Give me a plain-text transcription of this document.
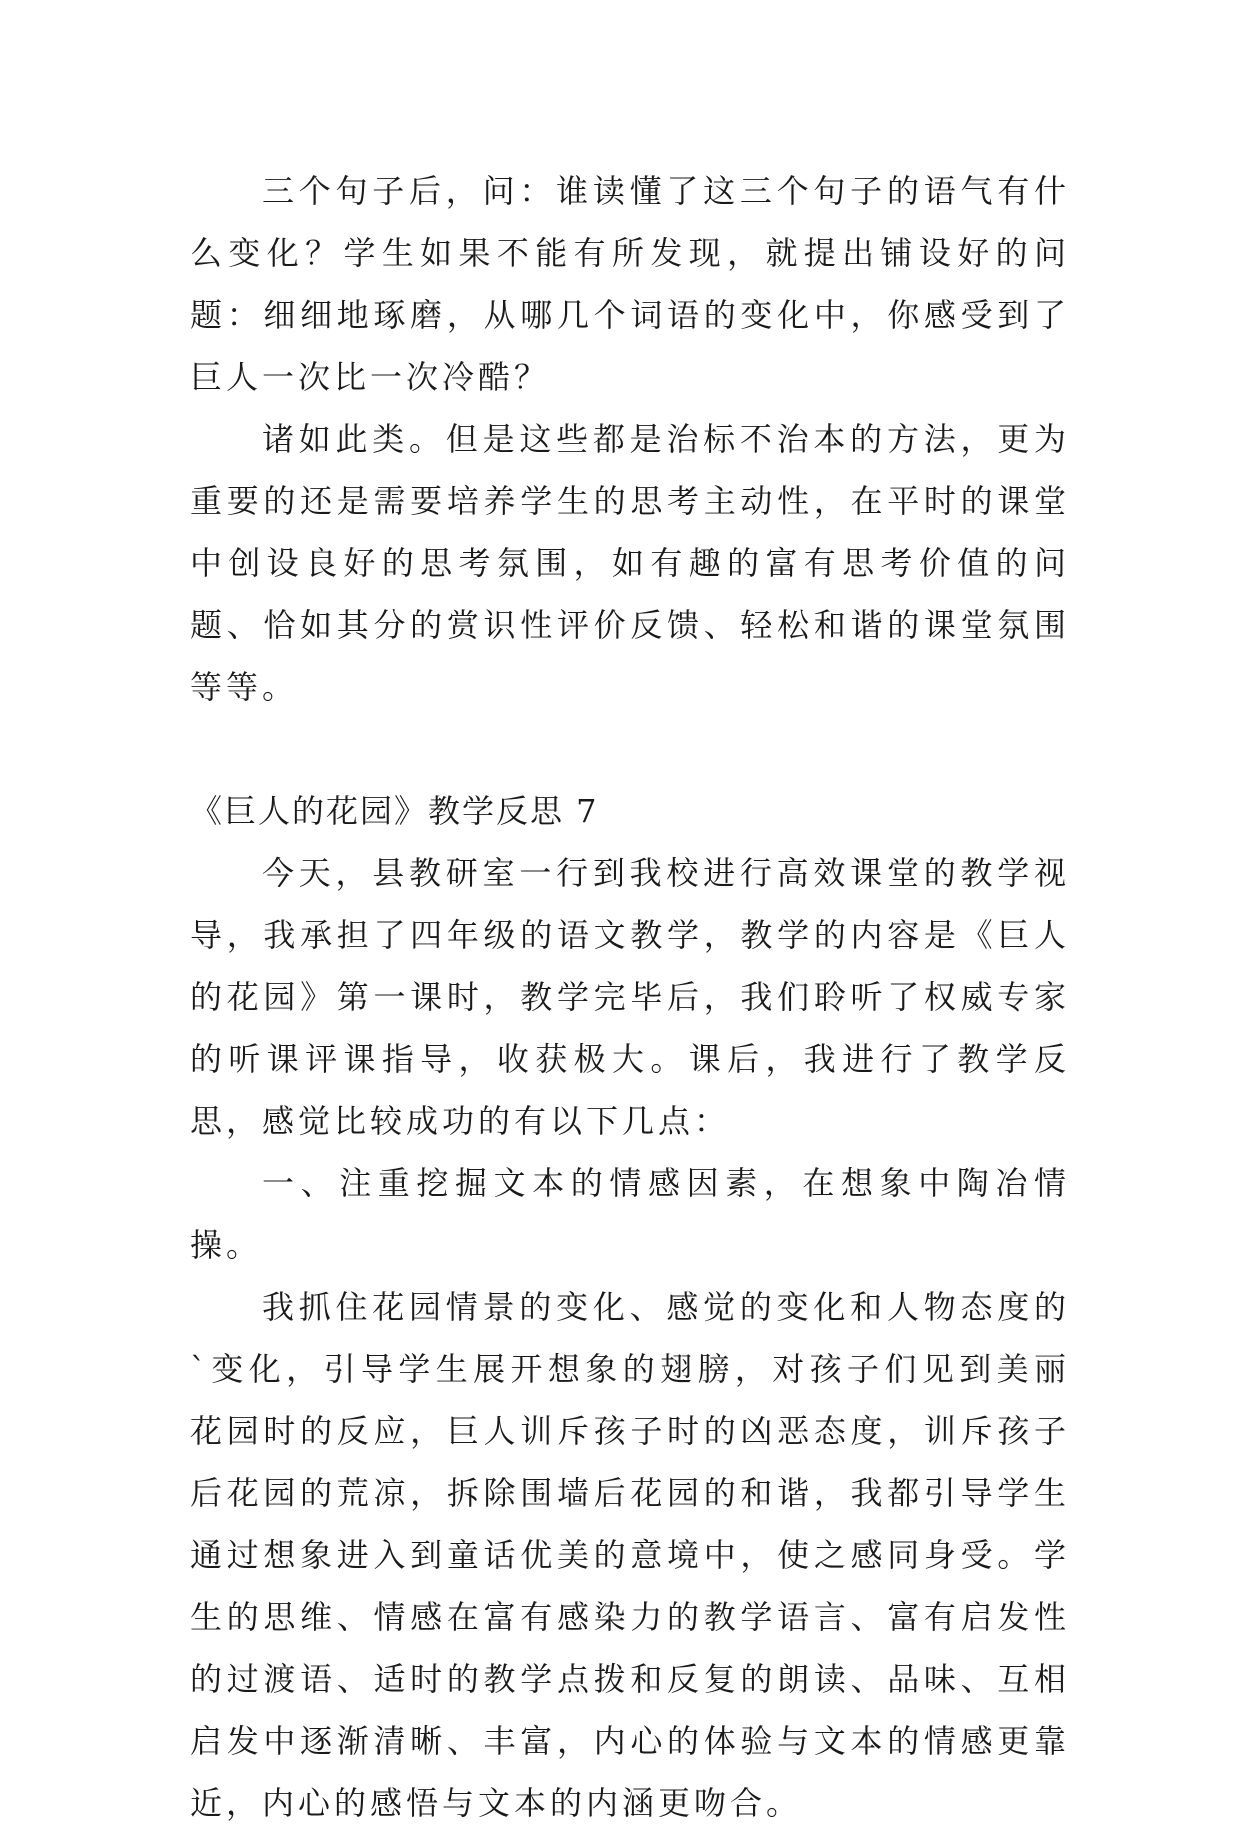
三个句子后，问：谁读懂了这三个句子的语气有什么变化？学生如果不能有所发现，就提出铺设好的问题：细细地琢磨，从哪几个词语的变化中，你感受到了巨人一次比一次冷酷？

诸如此类。但是这些都是治标不治本的方法，更为重要的还是需要培养学生的思考主动性，在平时的课堂中创设良好的思考氛围，如有趣的富有思考价值的问题、恰如其分的赏识性评价反馈、轻松和谐的课堂氛围等等。

《巨人的花园》教学反思 7

今天，县教研室一行到我校进行高效课堂的教学视导，我承担了四年级的语文教学，教学的内容是《巨人的花园》第一课时，教学完毕后，我们聆听了权威专家的听课评课指导，收获极大。课后，我进行了教学反思，感觉比较成功的有以下几点：

一、注重挖掘文本的情感因素，在想象中陶冶情操。

我抓住花园情景的变化、感觉的变化和人物态度的`变化，引导学生展开想象的翅膀，对孩子们见到美丽花园时的反应，巨人训斥孩子时的凶恶态度，训斥孩子后花园的荒凉，拆除围墙后花园的和谐，我都引导学生通过想象进入到童话优美的意境中，使之感同身受。学生的思维、情感在富有感染力的教学语言、富有启发性的过渡语、适时的教学点拨和反复的朗读、品味、互相启发中逐渐清晰、丰富，内心的体验与文本的情感更靠近，内心的感悟与文本的内涵更吻合。
